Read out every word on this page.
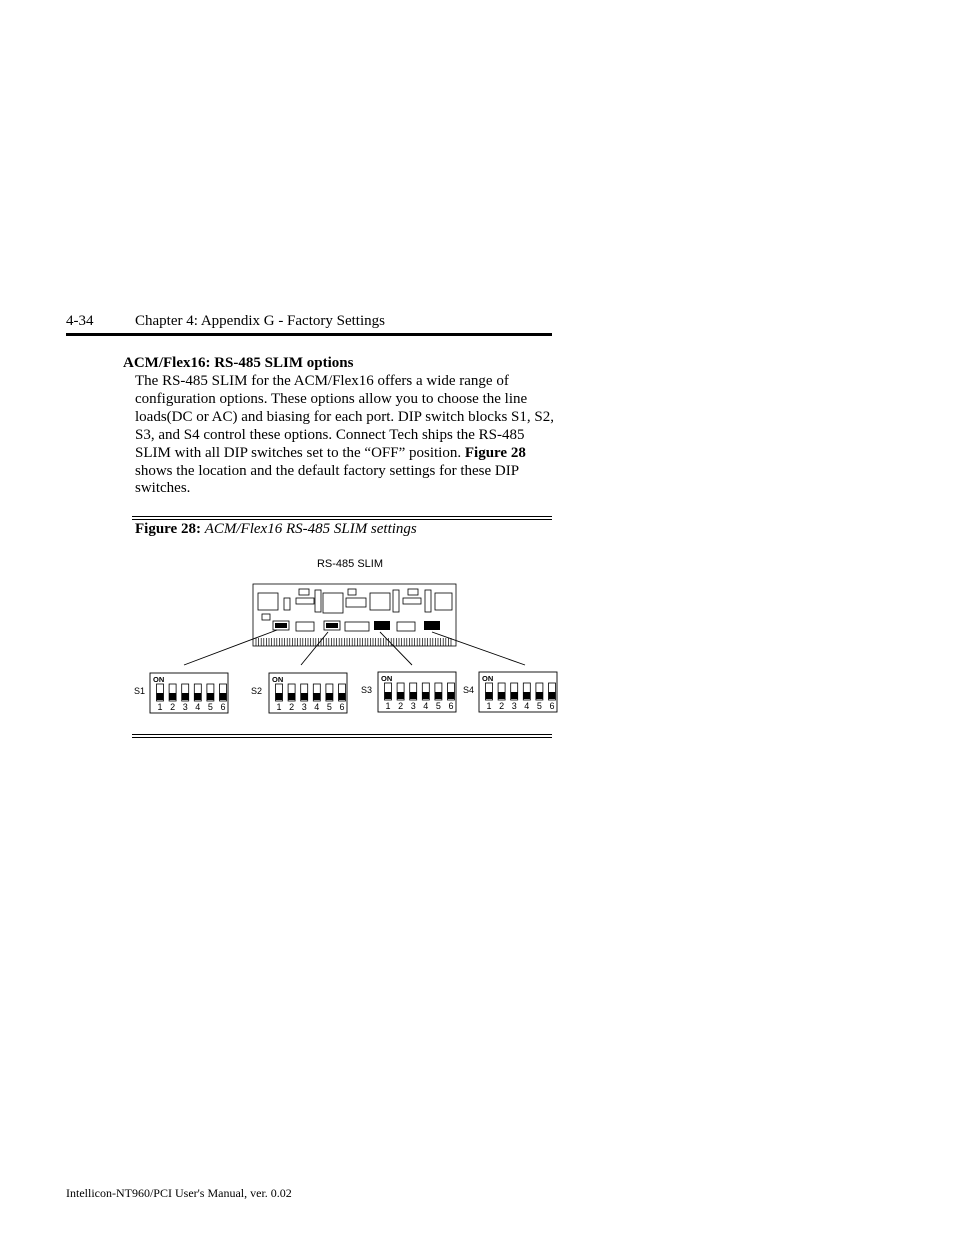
4-34	Chapter 4: Appendix G - Factory Settings
ACM/Flex16: RS-485 SLIM options
The RS-485 SLIM for the ACM/Flex16 offers a wide range of configuration options. These options allow you to choose the line loads(DC or AC) and biasing for each port. DIP switch blocks S1, S2, S3, and S4 control these options. Connect Tech ships the RS-485 SLIM with all DIP switches set to the “OFF” position. Figure 28 shows the location and the default factory settings for these DIP switches.
Figure 28: ACM/Flex16 RS-485 SLIM settings
RS-485 SLIM
S1
ON
1 2 3 4 5 6
S2
ON
1 2 3 4 5 6
S3
ON
1 2 3 4 5 6
S4
ON
1 2 3 4 5 6
Intellicon-NT960/PCI User's Manual, ver. 0.02
